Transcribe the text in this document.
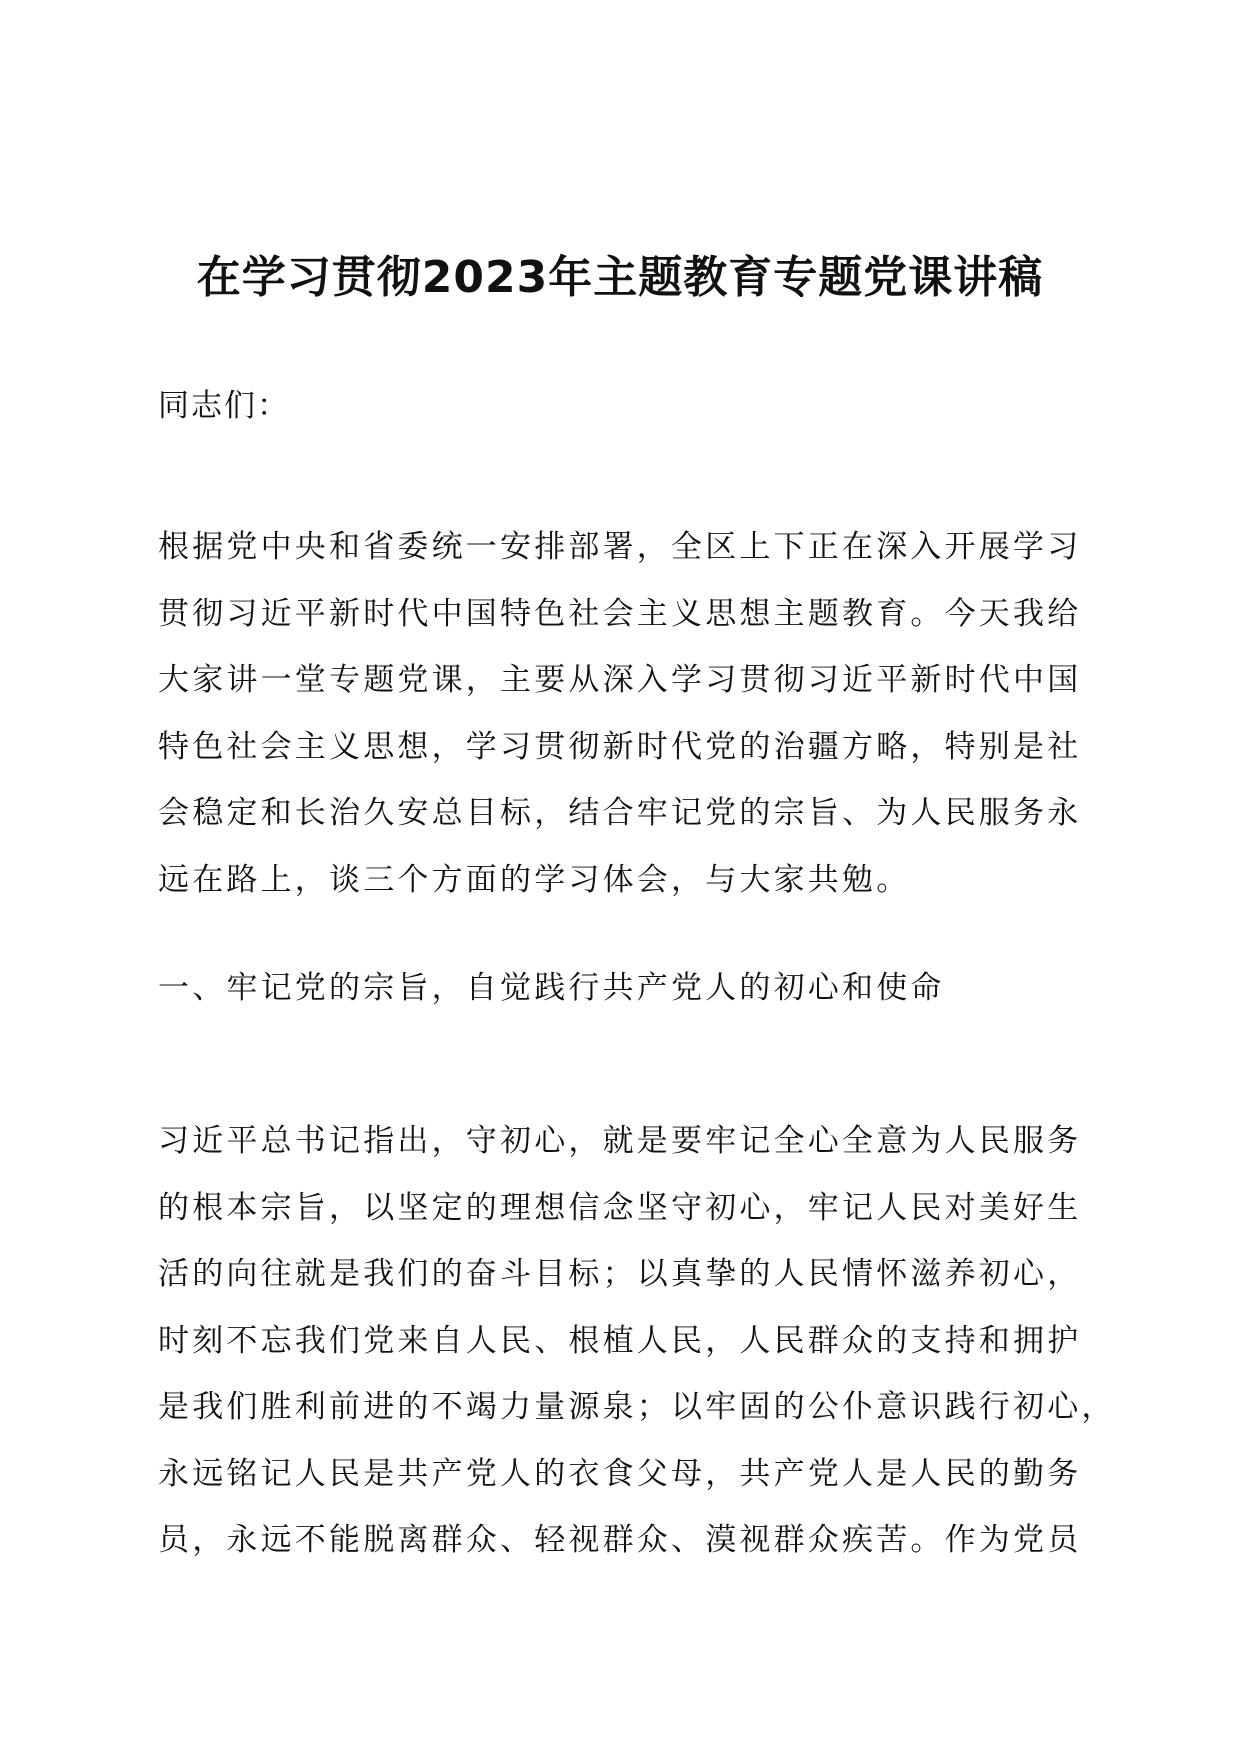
在学习贯彻2023年主题教育专题党课讲稿

同志们：

根据党中央和省委统一安排部署，全区上下正在深入开展学习
贯彻习近平新时代中国特色社会主义思想主题教育。今天我给
大家讲一堂专题党课，主要从深入学习贯彻习近平新时代中国
特色社会主义思想，学习贯彻新时代党的治疆方略，特别是社
会稳定和长治久安总目标，结合牢记党的宗旨、为人民服务永
远在路上，谈三个方面的学习体会，与大家共勉。

一、牢记党的宗旨，自觉践行共产党人的初心和使命

习近平总书记指出，守初心，就是要牢记全心全意为人民服务
的根本宗旨，以坚定的理想信念坚守初心，牢记人民对美好生
活的向往就是我们的奋斗目标；以真挚的人民情怀滋养初心，
时刻不忘我们党来自人民、根植人民，人民群众的支持和拥护
是我们胜利前进的不竭力量源泉；以牢固的公仆意识践行初心，
永远铭记人民是共产党人的衣食父母，共产党人是人民的勤务
员，永远不能脱离群众、轻视群众、漠视群众疾苦。作为党员
